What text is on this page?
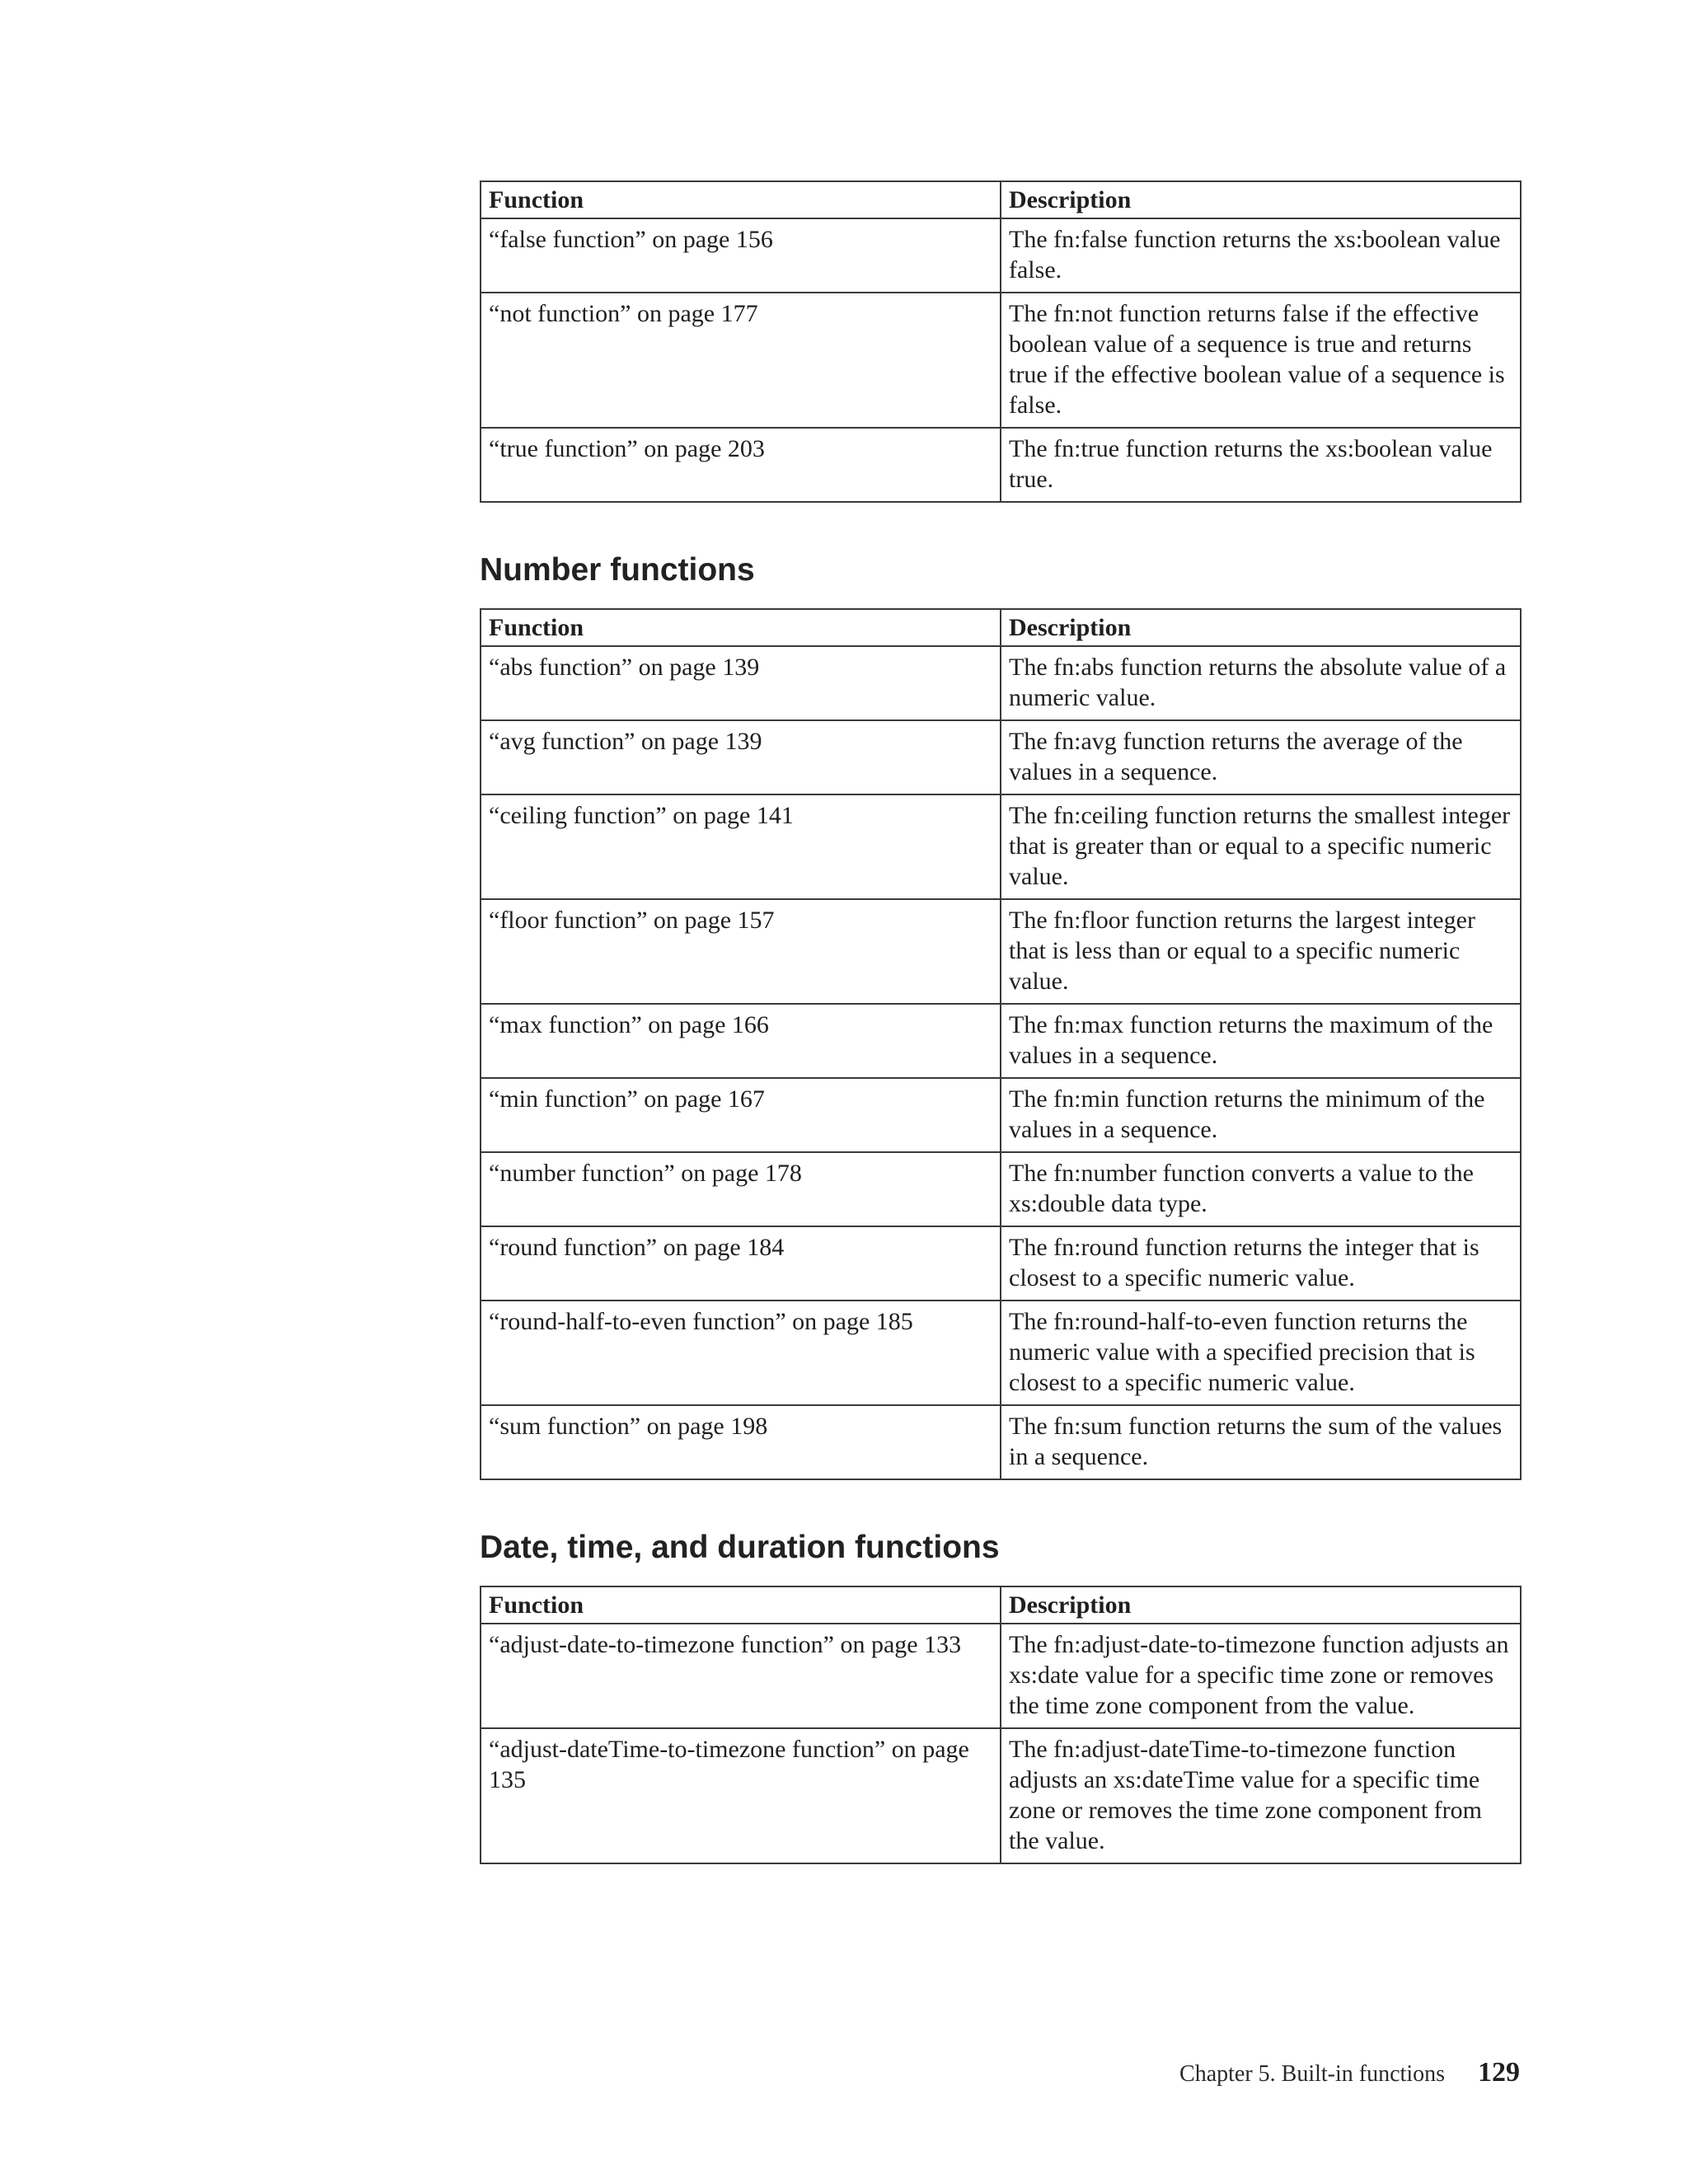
Function	Description
“false function” on page 156	The fn:false function returns the xs:boolean value false.
“not function” on page 177	The fn:not function returns false if the effective boolean value of a sequence is true and returns true if the effective boolean value of a sequence is false.
“true function” on page 203	The fn:true function returns the xs:boolean value true.
Number functions
Function	Description
“abs function” on page 139	The fn:abs function returns the absolute value of a numeric value.
“avg function” on page 139	The fn:avg function returns the average of the values in a sequence.
“ceiling function” on page 141	The fn:ceiling function returns the smallest integer that is greater than or equal to a specific numeric value.
“floor function” on page 157	The fn:floor function returns the largest integer that is less than or equal to a specific numeric value.
“max function” on page 166	The fn:max function returns the maximum of the values in a sequence.
“min function” on page 167	The fn:min function returns the minimum of the values in a sequence.
“number function” on page 178	The fn:number function converts a value to the xs:double data type.
“round function” on page 184	The fn:round function returns the integer that is closest to a specific numeric value.
“round-half-to-even function” on page 185	The fn:round-half-to-even function returns the numeric value with a specified precision that is closest to a specific numeric value.
“sum function” on page 198	The fn:sum function returns the sum of the values in a sequence.
Date, time, and duration functions
Function	Description
“adjust-date-to-timezone function” on page 133	The fn:adjust-date-to-timezone function adjusts an xs:date value for a specific time zone or removes the time zone component from the value.
“adjust-dateTime-to-timezone function” on page 135	The fn:adjust-dateTime-to-timezone function adjusts an xs:dateTime value for a specific time zone or removes the time zone component from the value.
Chapter 5. Built-in functions 129
